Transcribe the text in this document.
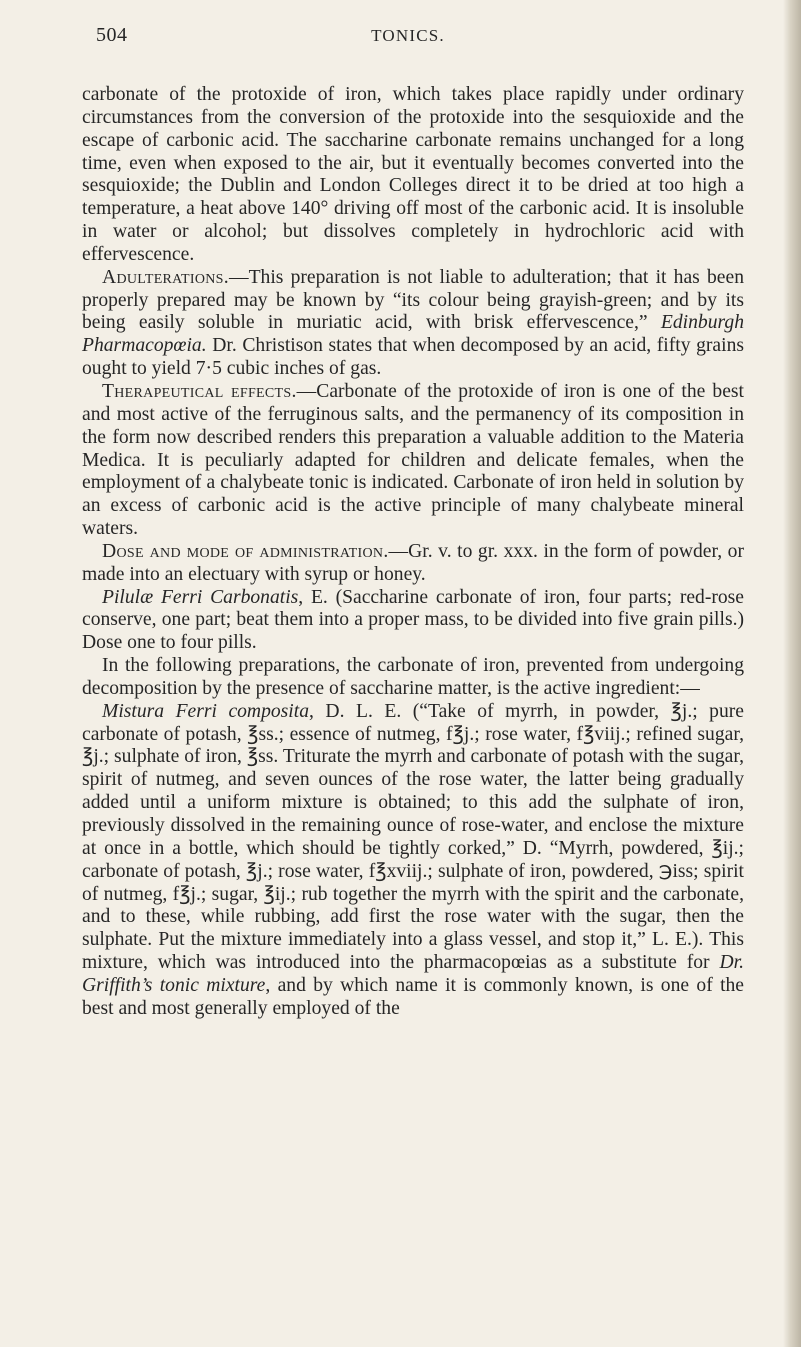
504	TONICS.

carbonate of the protoxide of iron, which takes place rapidly under ordinary circumstances from the conversion of the protoxide into the sesquioxide and the escape of carbonic acid. The saccharine carbonate remains unchanged for a long time, even when exposed to the air, but it eventually becomes converted into the sesquioxide; the Dublin and London Colleges direct it to be dried at too high a temperature, a heat above 140° driving off most of the carbonic acid. It is insoluble in water or alcohol; but dissolves completely in hydrochloric acid with effervescence.

Adulterations.—This preparation is not liable to adulteration; that it has been properly prepared may be known by “its colour being grayish-green; and by its being easily soluble in muriatic acid, with brisk effervescence,” Edinburgh Pharmacopœia. Dr. Christison states that when decomposed by an acid, fifty grains ought to yield 7·5 cubic inches of gas.

Therapeutical effects.—Carbonate of the protoxide of iron is one of the best and most active of the ferruginous salts, and the permanency of its composition in the form now described renders this preparation a valuable addition to the Materia Medica. It is peculiarly adapted for children and delicate females, when the employment of a chalybeate tonic is indicated. Carbonate of iron held in solution by an excess of carbonic acid is the active principle of many chalybeate mineral waters.

Dose and mode of administration.—Gr. v. to gr. xxx. in the form of powder, or made into an electuary with syrup or honey.

Pilulæ Ferri Carbonatis, E. (Saccharine carbonate of iron, four parts; red-rose conserve, one part; beat them into a proper mass, to be divided into five grain pills.) Dose one to four pills.

In the following preparations, the carbonate of iron, prevented from undergoing decomposition by the presence of saccharine matter, is the active ingredient:—

Mistura Ferri composita, D. L. E. (“Take of myrrh, in powder, ℥j.; pure carbonate of potash, ℥ss.; essence of nutmeg, f℥j.; rose water, f℥viij.; refined sugar, ℥j.; sulphate of iron, ℥ss. Triturate the myrrh and carbonate of potash with the sugar, spirit of nutmeg, and seven ounces of the rose water, the latter being gradually added until a uniform mixture is obtained; to this add the sulphate of iron, previously dissolved in the remaining ounce of rose-water, and enclose the mixture at once in a bottle, which should be tightly corked,” D. “Myrrh, powdered, ℥ij.; carbonate of potash, ℥j.; rose water, f℥xviij.; sulphate of iron, powdered, ℈iss; spirit of nutmeg, f℥j.; sugar, ℥ij.; rub together the myrrh with the spirit and the carbonate, and to these, while rubbing, add first the rose water with the sugar, then the sulphate. Put the mixture immediately into a glass vessel, and stop it,” L. E.). This mixture, which was introduced into the pharmacopœias as a substitute for Dr. Griffith’s tonic mixture, and by which name it is commonly known, is one of the best and most generally employed of the
